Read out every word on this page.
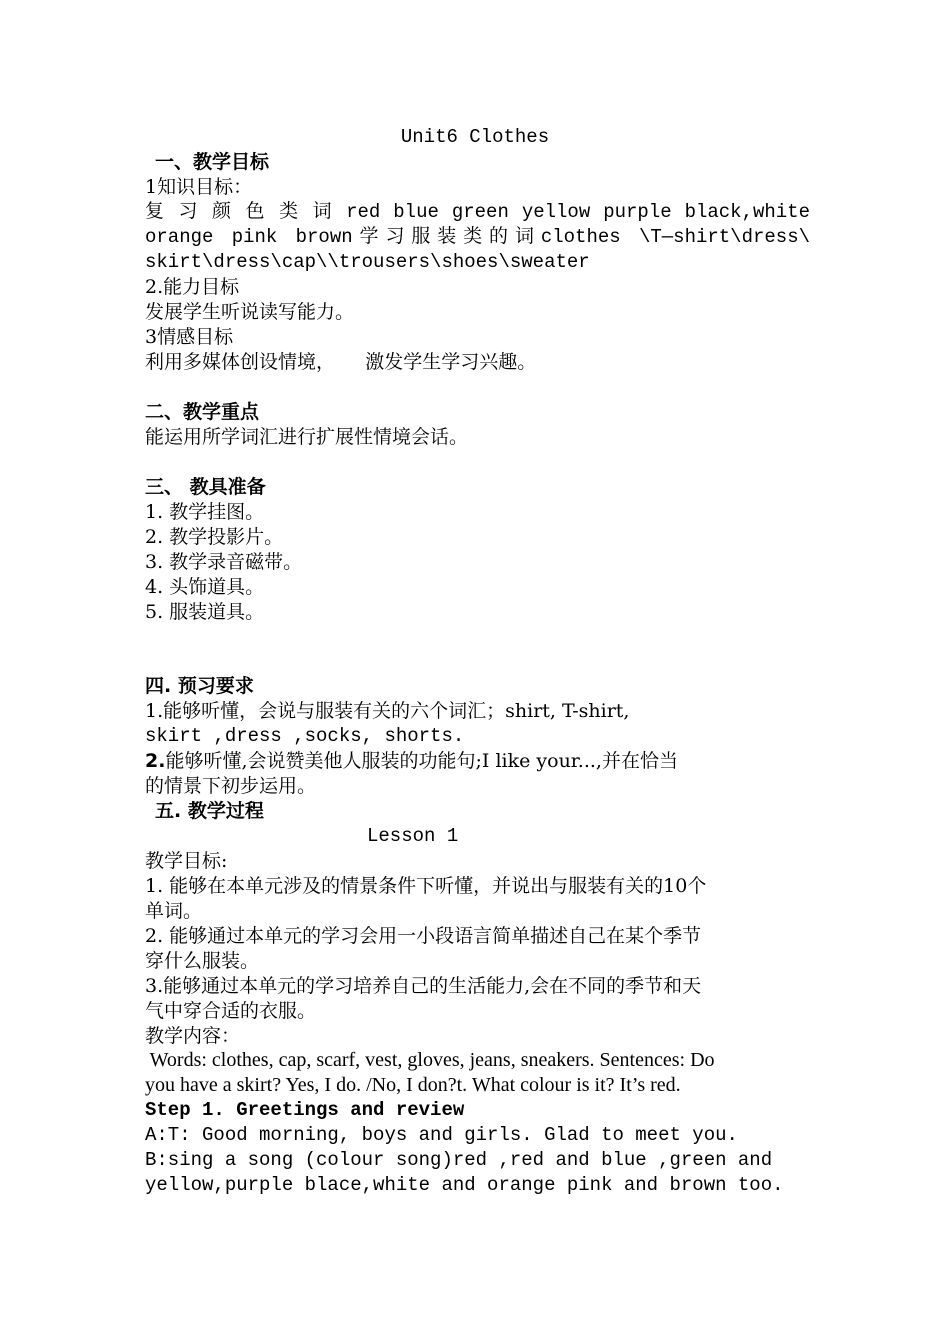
Unit6 Clothes
一、教学目标
1知识目标：
复 习 颜 色 类 词 red blue green yellow purple black,white
orange pink brown学习服装类的词clothes \T—shirt\dress\
skirt\dress\cap\\trousers\shoes\sweater
2.能力目标
发展学生听说读写能力。
3情感目标
利用多媒体创设情境，     激发学生学习兴趣。
二、教学重点
能运用所学词汇进行扩展性情境会话。
三、 教具准备
1. 教学挂图。
2. 教学投影片。
3. 教学录音磁带。
4. 头饰道具。
5. 服装道具。
四. 预习要求
1.能够听懂，会说与服装有关的六个词汇；shirt, T-shirt,
skirt ,dress ,socks, shorts.
2.能够听懂,会说赞美他人服装的功能句;I like your...,并在恰当
的情景下初步运用。
五. 教学过程
Lesson 1
教学目标:
1. 能够在本单元涉及的情景条件下听懂，并说出与服装有关的10个
单词。
2. 能够通过本单元的学习会用一小段语言简单描述自己在某个季节
穿什么服装。
3.能够通过本单元的学习培养自己的生活能力,会在不同的季节和天
气中穿合适的衣服。
教学内容：
Words: clothes, cap, scarf, vest, gloves, jeans, sneakers. Sentences: Do
you have a skirt? Yes, I do. /No, I don?t. What colour is it? It’s red.
Step 1. Greetings and review
A:T: Good morning, boys and girls. Glad to meet you.
B:sing a song (colour song)red ,red and blue ,green and
yellow,purple blace,white and orange pink and brown too.
